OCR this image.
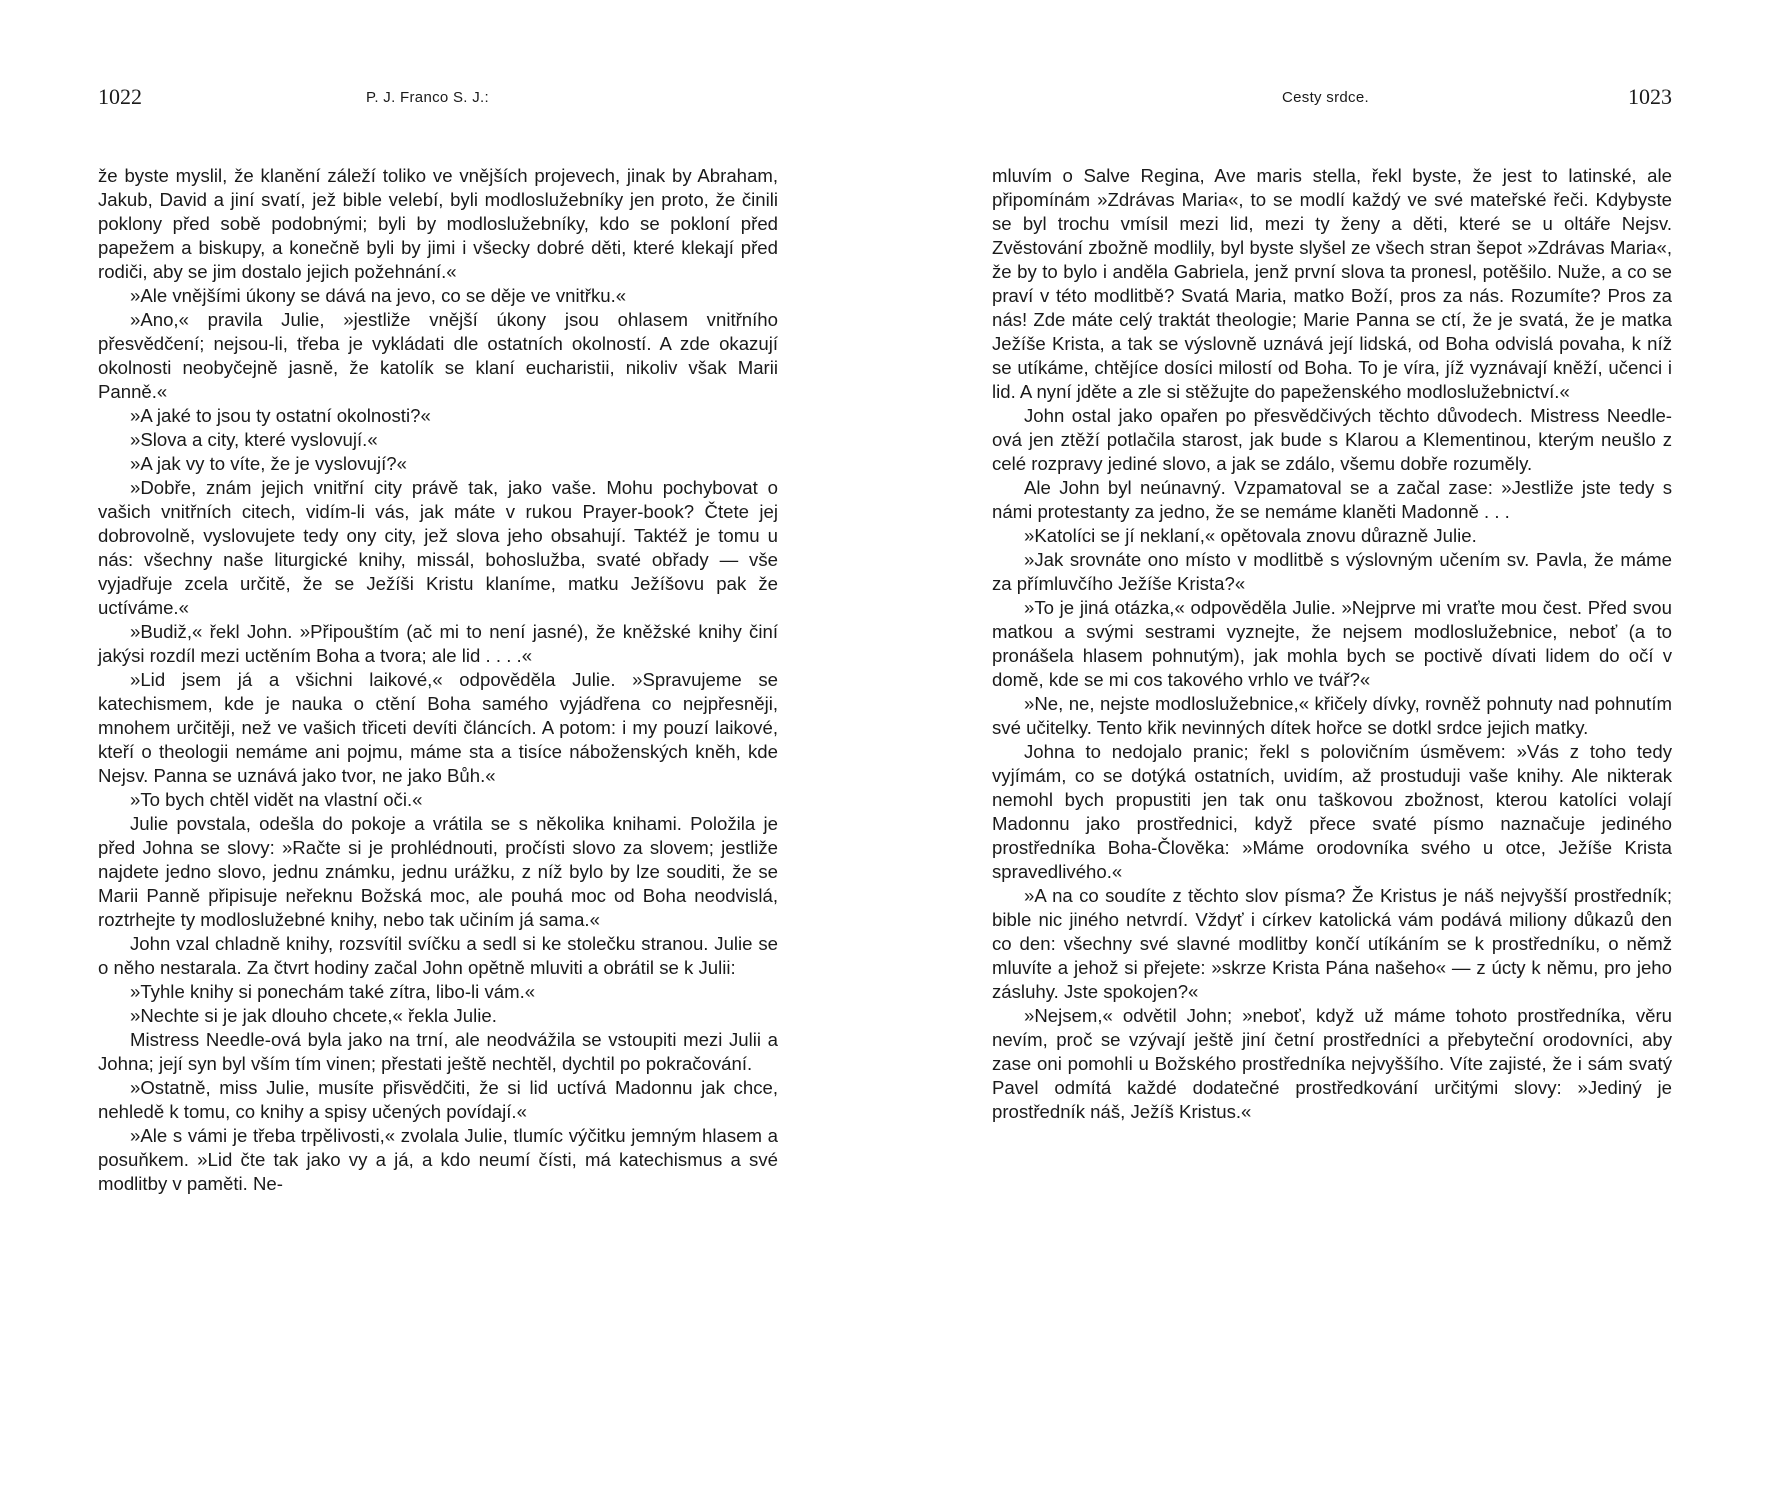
1022	P. J. Franco S. J.:

že byste myslil, že klanění záleží toliko ve vnějších projevech, jinak by Abraham, Jakub, David a jiní svatí, jež bible velebí, byli modloslužebníky jen proto, že činili poklony před sobě podobnými; byli by modloslužebníky, kdo se pokloní před papežem a biskupy, a konečně byli by jimi i všecky dobré děti, které klekají před rodiči, aby se jim dostalo jejich požehnání.«

»Ale vnějšími úkony se dává na jevo, co se děje ve vnitřku.«

»Ano,« pravila Julie, »jestliže vnější úkony jsou ohlasem vnitřního přesvědčení; nejsou-li, třeba je vykládati dle ostatních okolností. A zde okazují okolnosti neobyčejně jasně, že katolík se klaní eucharistii, nikoliv však Marii Panně.«

»A jaké to jsou ty ostatní okolnosti?«

»Slova a city, které vyslovují.«

»A jak vy to víte, že je vyslovují?«

»Dobře, znám jejich vnitřní city právě tak, jako vaše. Mohu pochybovat o vašich vnitřních citech, vidím-li vás, jak máte v rukou Prayer-book? Čtete jej dobrovolně, vyslovujete tedy ony city, jež slova jeho obsahují. Taktéž je tomu u nás: všechny naše liturgické knihy, missál, bohoslužba, svaté obřady — vše vyjadřuje zcela určitě, že se Ježíši Kristu klaníme, matku Ježíšovu pak že uctíváme.«

»Budiž,« řekl John. »Připouštím (ač mi to není jasné), že kněžské knihy činí jakýsi rozdíl mezi uctěním Boha a tvora; ale lid . . . .«

»Lid jsem já a všichni laikové,« odpověděla Julie. »Spravujeme se katechismem, kde je nauka o ctění Boha samého vyjádřena co nejpřesněji, mnohem určitěji, než ve vašich třiceti devíti článcích. A potom: i my pouzí laikové, kteří o theologii nemáme ani pojmu, máme sta a tisíce náboženských kněh, kde Nejsv. Panna se uznává jako tvor, ne jako Bůh.«

»To bych chtěl vidět na vlastní oči.«

Julie povstala, odešla do pokoje a vrátila se s několika knihami. Položila je před Johna se slovy: »Račte si je prohlédnouti, pročísti slovo za slovem; jestliže najdete jedno slovo, jednu známku, jednu urážku, z níž bylo by lze souditi, že se Marii Panně připisuje neřeknu Božská moc, ale pouhá moc od Boha neodvislá, roztrhejte ty modloslužebné knihy, nebo tak učiním já sama.«

John vzal chladně knihy, rozsvítil svíčku a sedl si ke stolečku stranou. Julie se o něho nestarala. Za čtvrt hodiny začal John opětně mluviti a obrátil se k Julii:

»Tyhle knihy si ponechám také zítra, libo-li vám.«

»Nechte si je jak dlouho chcete,« řekla Julie.

Mistress Needle-ová byla jako na trní, ale neodvážila se vstoupiti mezi Julii a Johna; její syn byl vším tím vinen; přestati ještě nechtěl, dychtil po pokračování.

»Ostatně, miss Julie, musíte přisvědčiti, že si lid uctívá Madonnu jak chce, nehledě k tomu, co knihy a spisy učených povídají.«

»Ale s vámi je třeba trpělivosti,« zvolala Julie, tlumíc výčitku jemným hlasem a posuňkem. »Lid čte tak jako vy a já, a kdo neumí čísti, má katechismus a své modlitby v paměti. Ne-

Cesty srdce.	1023

mluvím o Salve Regina, Ave maris stella, řekl byste, že jest to latinské, ale připomínám »Zdrávas Maria«, to se modlí každý ve své mateřské řeči. Kdybyste se byl trochu vmísil mezi lid, mezi ty ženy a děti, které se u oltáře Nejsv. Zvěstování zbožně modlily, byl byste slyšel ze všech stran šepot »Zdrávas Maria«, že by to bylo i anděla Gabriela, jenž první slova ta pronesl, potěšilo. Nuže, a co se praví v této modlitbě? Svatá Maria, matko Boží, pros za nás. Rozumíte? Pros za nás! Zde máte celý traktát theologie; Marie Panna se ctí, že je svatá, že je matka Ježíše Krista, a tak se výslovně uznává její lidská, od Boha odvislá povaha, k níž se utíkáme, chtějíce dosíci milostí od Boha. To je víra, jíž vyznávají kněží, učenci i lid. A nyní jděte a zle si stěžujte do papeženského modloslužebnictví.«

John ostal jako opařen po přesvědčivých těchto důvodech. Mistress Needle-ová jen ztěží potlačila starost, jak bude s Klarou a Klementinou, kterým neušlo z celé rozpravy jediné slovo, a jak se zdálo, všemu dobře rozuměly.

Ale John byl neúnavný. Vzpamatoval se a začal zase: »Jestliže jste tedy s námi protestanty za jedno, že se nemáme klaněti Madonně . . .

»Katolíci se jí neklaní,« opětovala znovu důrazně Julie.

»Jak srovnáte ono místo v modlitbě s výslovným učením sv. Pavla, že máme za přímluvčího Ježíše Krista?«

»To je jiná otázka,« odpověděla Julie. »Nejprve mi vraťte mou čest. Před svou matkou a svými sestrami vyznejte, že nejsem modloslužebnice, neboť (a to pronášela hlasem pohnutým), jak mohla bych se poctivě dívati lidem do očí v domě, kde se mi cos takového vrhlo ve tvář?«

»Ne, ne, nejste modloslužebnice,« křičely dívky, rovněž pohnuty nad pohnutím své učitelky. Tento křik nevinných dítek hořce se dotkl srdce jejich matky.

Johna to nedojalo pranic; řekl s polovičním úsměvem: »Vás z toho tedy vyjímám, co se dotýká ostatních, uvidím, až prostuduji vaše knihy. Ale nikterak nemohl bych propustiti jen tak onu taškovou zbožnost, kterou katolíci volají Madonnu jako prostřednici, když přece svaté písmo naznačuje jediného prostředníka Boha-Člověka: »Máme orodovníka svého u otce, Ježíše Krista spravedlivého.«

»A na co soudíte z těchto slov písma? Že Kristus je náš nejvyšší prostředník; bible nic jiného netvrdí. Vždyť i církev katolická vám podává miliony důkazů den co den: všechny své slavné modlitby končí utíkáním se k prostředníku, o němž mluvíte a jehož si přejete: »skrze Krista Pána našeho« — z úcty k němu, pro jeho zásluhy. Jste spokojen?«

»Nejsem,« odvětil John; »neboť, když už máme tohoto prostředníka, věru nevím, proč se vzývají ještě jiní četní prostředníci a přebyteční orodovníci, aby zase oni pomohli u Božského prostředníka nejvyššího. Víte zajisté, že i sám svatý Pavel odmítá každé dodatečné prostředkování určitými slovy: »Jediný je prostředník náš, Ježíš Kristus.«
